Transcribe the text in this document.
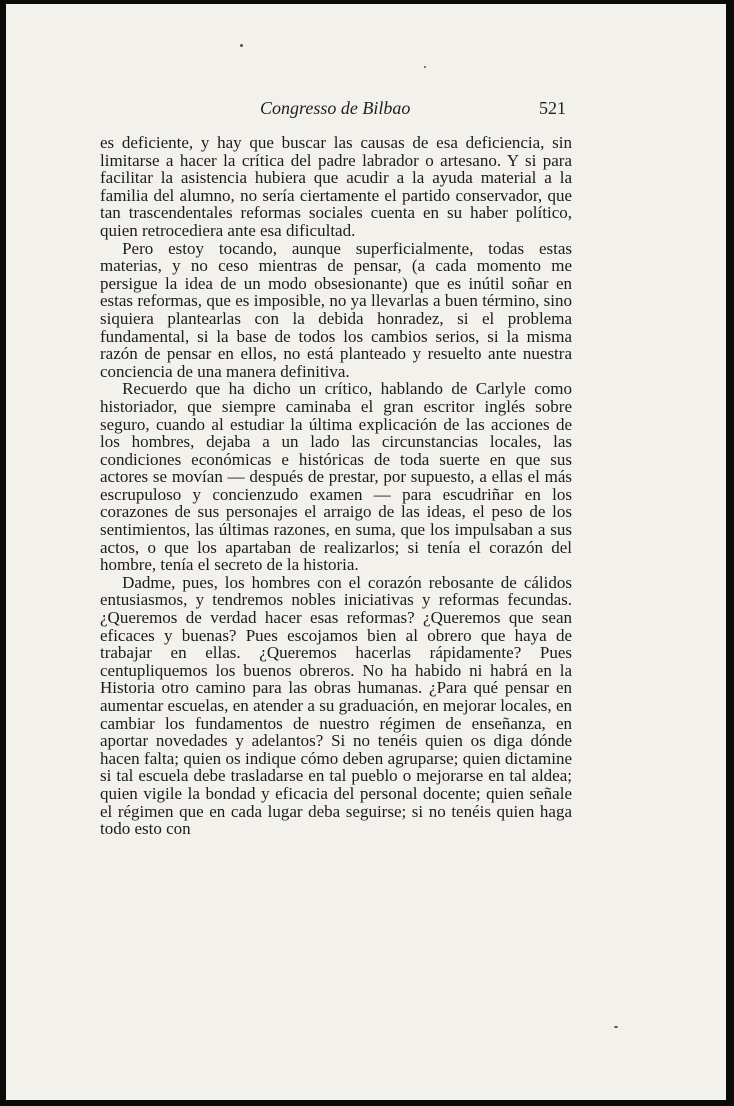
Congresso de Bilbao	521

es deficiente, y hay que buscar las causas de esa deficiencia, sin limitarse a hacer la crítica del padre labrador o artesano. Y si para facilitar la asistencia hubiera que acudir a la ayuda material a la familia del alumno, no sería ciertamente el partido conservador, que tan trascendentales reformas sociales cuenta en su haber político, quien retrocediera ante esa dificultad.

Pero estoy tocando, aunque superficialmente, todas estas materias, y no ceso mientras de pensar, (a cada momento me persigue la idea de un modo obsesionante) que es inútil soñar en estas reformas, que es imposible, no ya llevarlas a buen término, sino siquiera plantearlas con la debida honradez, si el problema fundamental, si la base de todos los cambios serios, si la misma razón de pensar en ellos, no está planteado y resuelto ante nuestra conciencia de una manera definitiva.

Recuerdo que ha dicho un crítico, hablando de Carlyle como historiador, que siempre caminaba el gran escritor inglés sobre seguro, cuando al estudiar la última explicación de las acciones de los hombres, dejaba a un lado las circunstancias locales, las condiciones económicas e históricas de toda suerte en que sus actores se movían — después de prestar, por supuesto, a ellas el más escrupuloso y concienzudo examen — para escudriñar en los corazones de sus personajes el arraigo de las ideas, el peso de los sentimientos, las últimas razones, en suma, que los impulsaban a sus actos, o que los apartaban de realizarlos; si tenía el corazón del hombre, tenía el secreto de la historia.

Dadme, pues, los hombres con el corazón rebosante de cálidos entusiasmos, y tendremos nobles iniciativas y reformas fecundas. ¿Queremos de verdad hacer esas reformas? ¿Queremos que sean eficaces y buenas? Pues escojamos bien al obrero que haya de trabajar en ellas. ¿Queremos hacerlas rápidamente? Pues centupliquemos los buenos obreros. No ha habido ni habrá en la Historia otro camino para las obras humanas. ¿Para qué pensar en aumentar escuelas, en atender a su graduación, en mejorar locales, en cambiar los fundamentos de nuestro régimen de enseñanza, en aportar novedades y adelantos? Si no tenéis quien os diga dónde hacen falta; quien os indique cómo deben agruparse; quien dictamine si tal escuela debe trasladarse en tal pueblo o mejorarse en tal aldea; quien vigile la bondad y eficacia del personal docente; quien señale el régimen que en cada lugar deba seguirse; si no tenéis quien haga todo esto con
